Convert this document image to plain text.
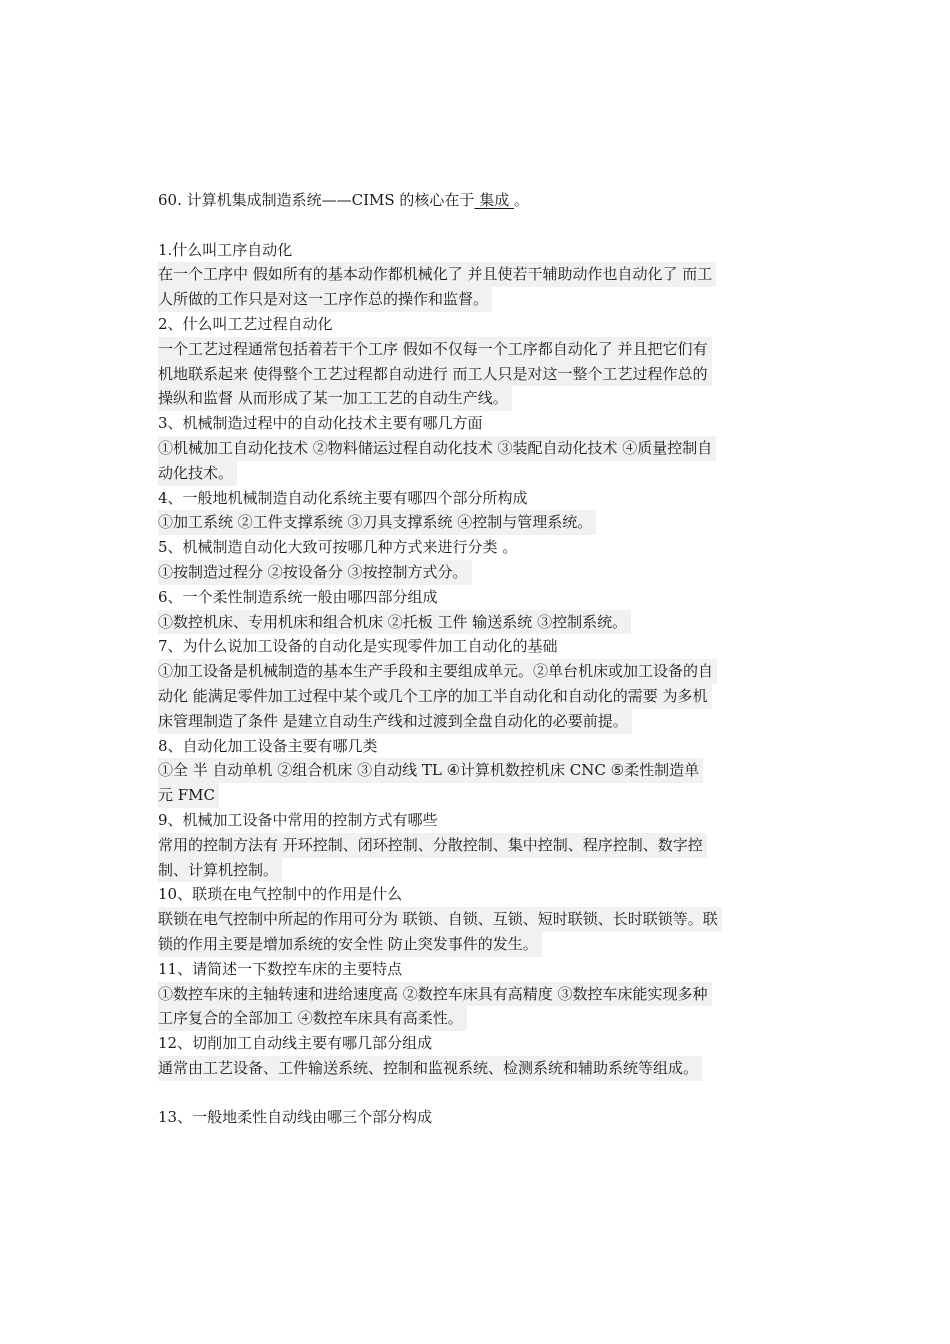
60. 计算机集成制造系统——CIMS 的核心在于 集成 。
1.什么叫工序自动化
在一个工序中 假如所有的基本动作都机械化了 并且使若干辅助动作也自动化了 而工
人所做的工作只是对这一工序作总的操作和监督。
2、什么叫工艺过程自动化
一个工艺过程通常包括着若干个工序 假如不仅每一个工序都自动化了 并且把它们有
机地联系起来 使得整个工艺过程都自动进行 而工人只是对这一整个工艺过程作总的
操纵和监督 从而形成了某一加工工艺的自动生产线。
3、机械制造过程中的自动化技术主要有哪几方面
①机械加工自动化技术 ②物料储运过程自动化技术 ③装配自动化技术 ④质量控制自
动化技术。
4、一般地机械制造自动化系统主要有哪四个部分所构成
①加工系统 ②工件支撑系统 ③刀具支撑系统 ④控制与管理系统。
5、机械制造自动化大致可按哪几种方式来进行分类 。
①按制造过程分 ②按设备分 ③按控制方式分。
6、一个柔性制造系统一般由哪四部分组成
①数控机床、专用机床和组合机床 ②托板 工件 输送系统 ③控制系统。
7、为什么说加工设备的自动化是实现零件加工自动化的基础
①加工设备是机械制造的基本生产手段和主要组成单元。②单台机床或加工设备的自
动化 能满足零件加工过程中某个或几个工序的加工半自动化和自动化的需要 为多机
床管理制造了条件 是建立自动生产线和过渡到全盘自动化的必要前提。
8、自动化加工设备主要有哪几类
①全 半 自动单机 ②组合机床 ③自动线 TL ④计算机数控机床 CNC ⑤柔性制造单
元 FMC
9、机械加工设备中常用的控制方式有哪些
常用的控制方法有 开环控制、闭环控制、分散控制、集中控制、程序控制、数字控
制、计算机控制。
10、联琐在电气控制中的作用是什么
联锁在电气控制中所起的作用可分为 联锁、自锁、互锁、短时联锁、长时联锁等。联
锁的作用主要是增加系统的安全性 防止突发事件的发生。
11、请简述一下数控车床的主要特点
①数控车床的主轴转速和进给速度高 ②数控车床具有高精度 ③数控车床能实现多种
工序复合的全部加工 ④数控车床具有高柔性。
12、切削加工自动线主要有哪几部分组成
通常由工艺设备、工件输送系统、控制和监视系统、检测系统和辅助系统等组成。
13、一般地柔性自动线由哪三个部分构成
